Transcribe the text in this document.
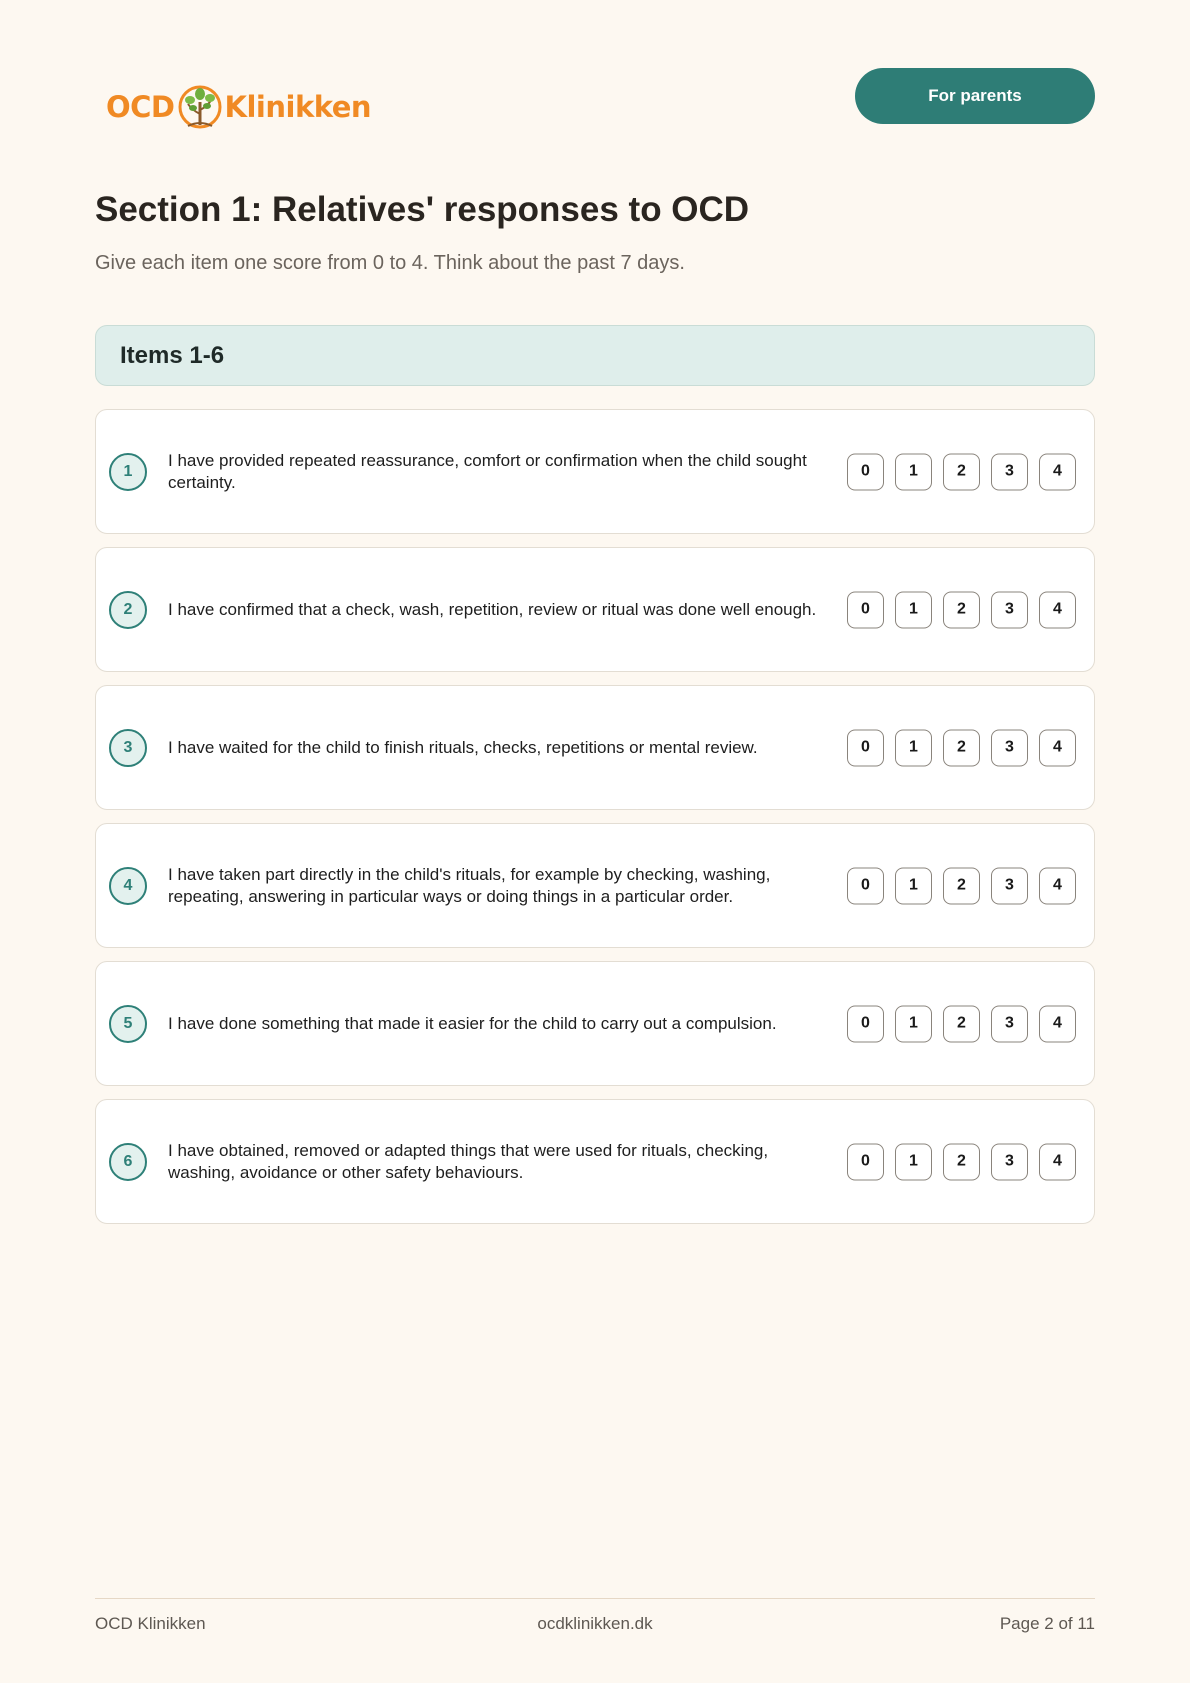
OCD Klinikken	For parents
Section 1: Relatives' responses to OCD

Give each item one score from 0 to 4. Think about the past 7 days.

Items 1-6
1
I have provided repeated reassurance, comfort or confirmation when the child sought certainty.
0	1	2	3	4
2	I have confirmed that a check, wash, repetition, review or ritual was done well enough.	0	1	2	3	4
3	I have waited for the child to finish rituals, checks, repetitions or mental review.	0	1	2	3	4
4
I have taken part directly in the child's rituals, for example by checking, washing, repeating, answering in particular ways or doing things in a particular order.
0	1	2	3	4
5	I have done something that made it easier for the child to carry out a compulsion.	0	1	2	3	4
6
I have obtained, removed or adapted things that were used for rituals, checking, washing, avoidance or other safety behaviours.
0	1	2	3	4
OCD Klinikken	ocdklinikken.dk	Page 2 of 11
